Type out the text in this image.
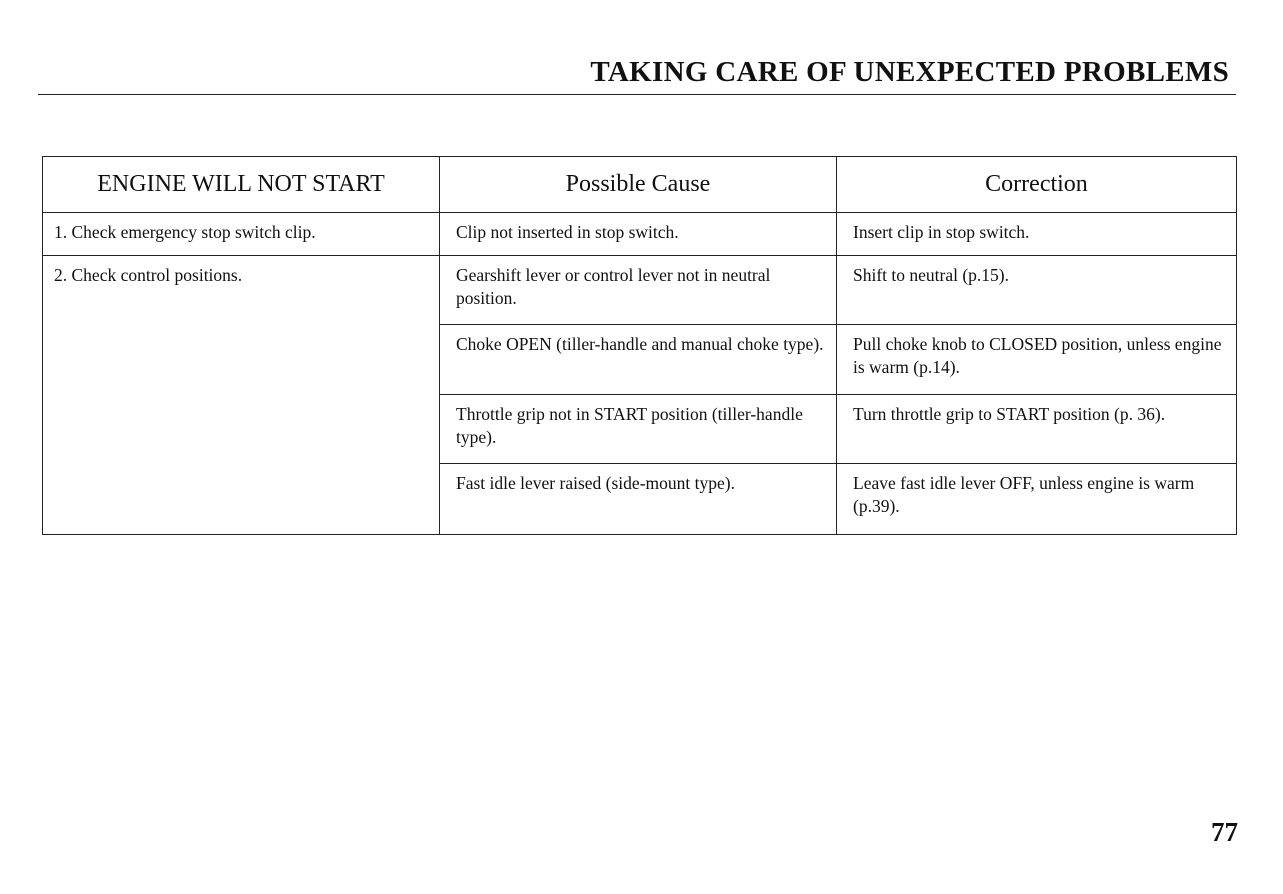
TAKING CARE OF UNEXPECTED PROBLEMS
ENGINE WILL NOT START	Possible Cause	Correction
1. Check emergency stop switch clip.	Clip not inserted in stop switch.	Insert clip in stop switch.
2. Check control positions.	Gearshift lever or control lever not in neutral position.	Shift to neutral (p.15).
	Choke OPEN (tiller-handle and manual choke type).	Pull choke knob to CLOSED position, unless engine is warm (p.14).
	Throttle grip not in START position (tiller-handle type).	Turn throttle grip to START position (p. 36).
	Fast idle lever raised (side-mount type).	Leave fast idle lever OFF, unless engine is warm (p.39).
77
